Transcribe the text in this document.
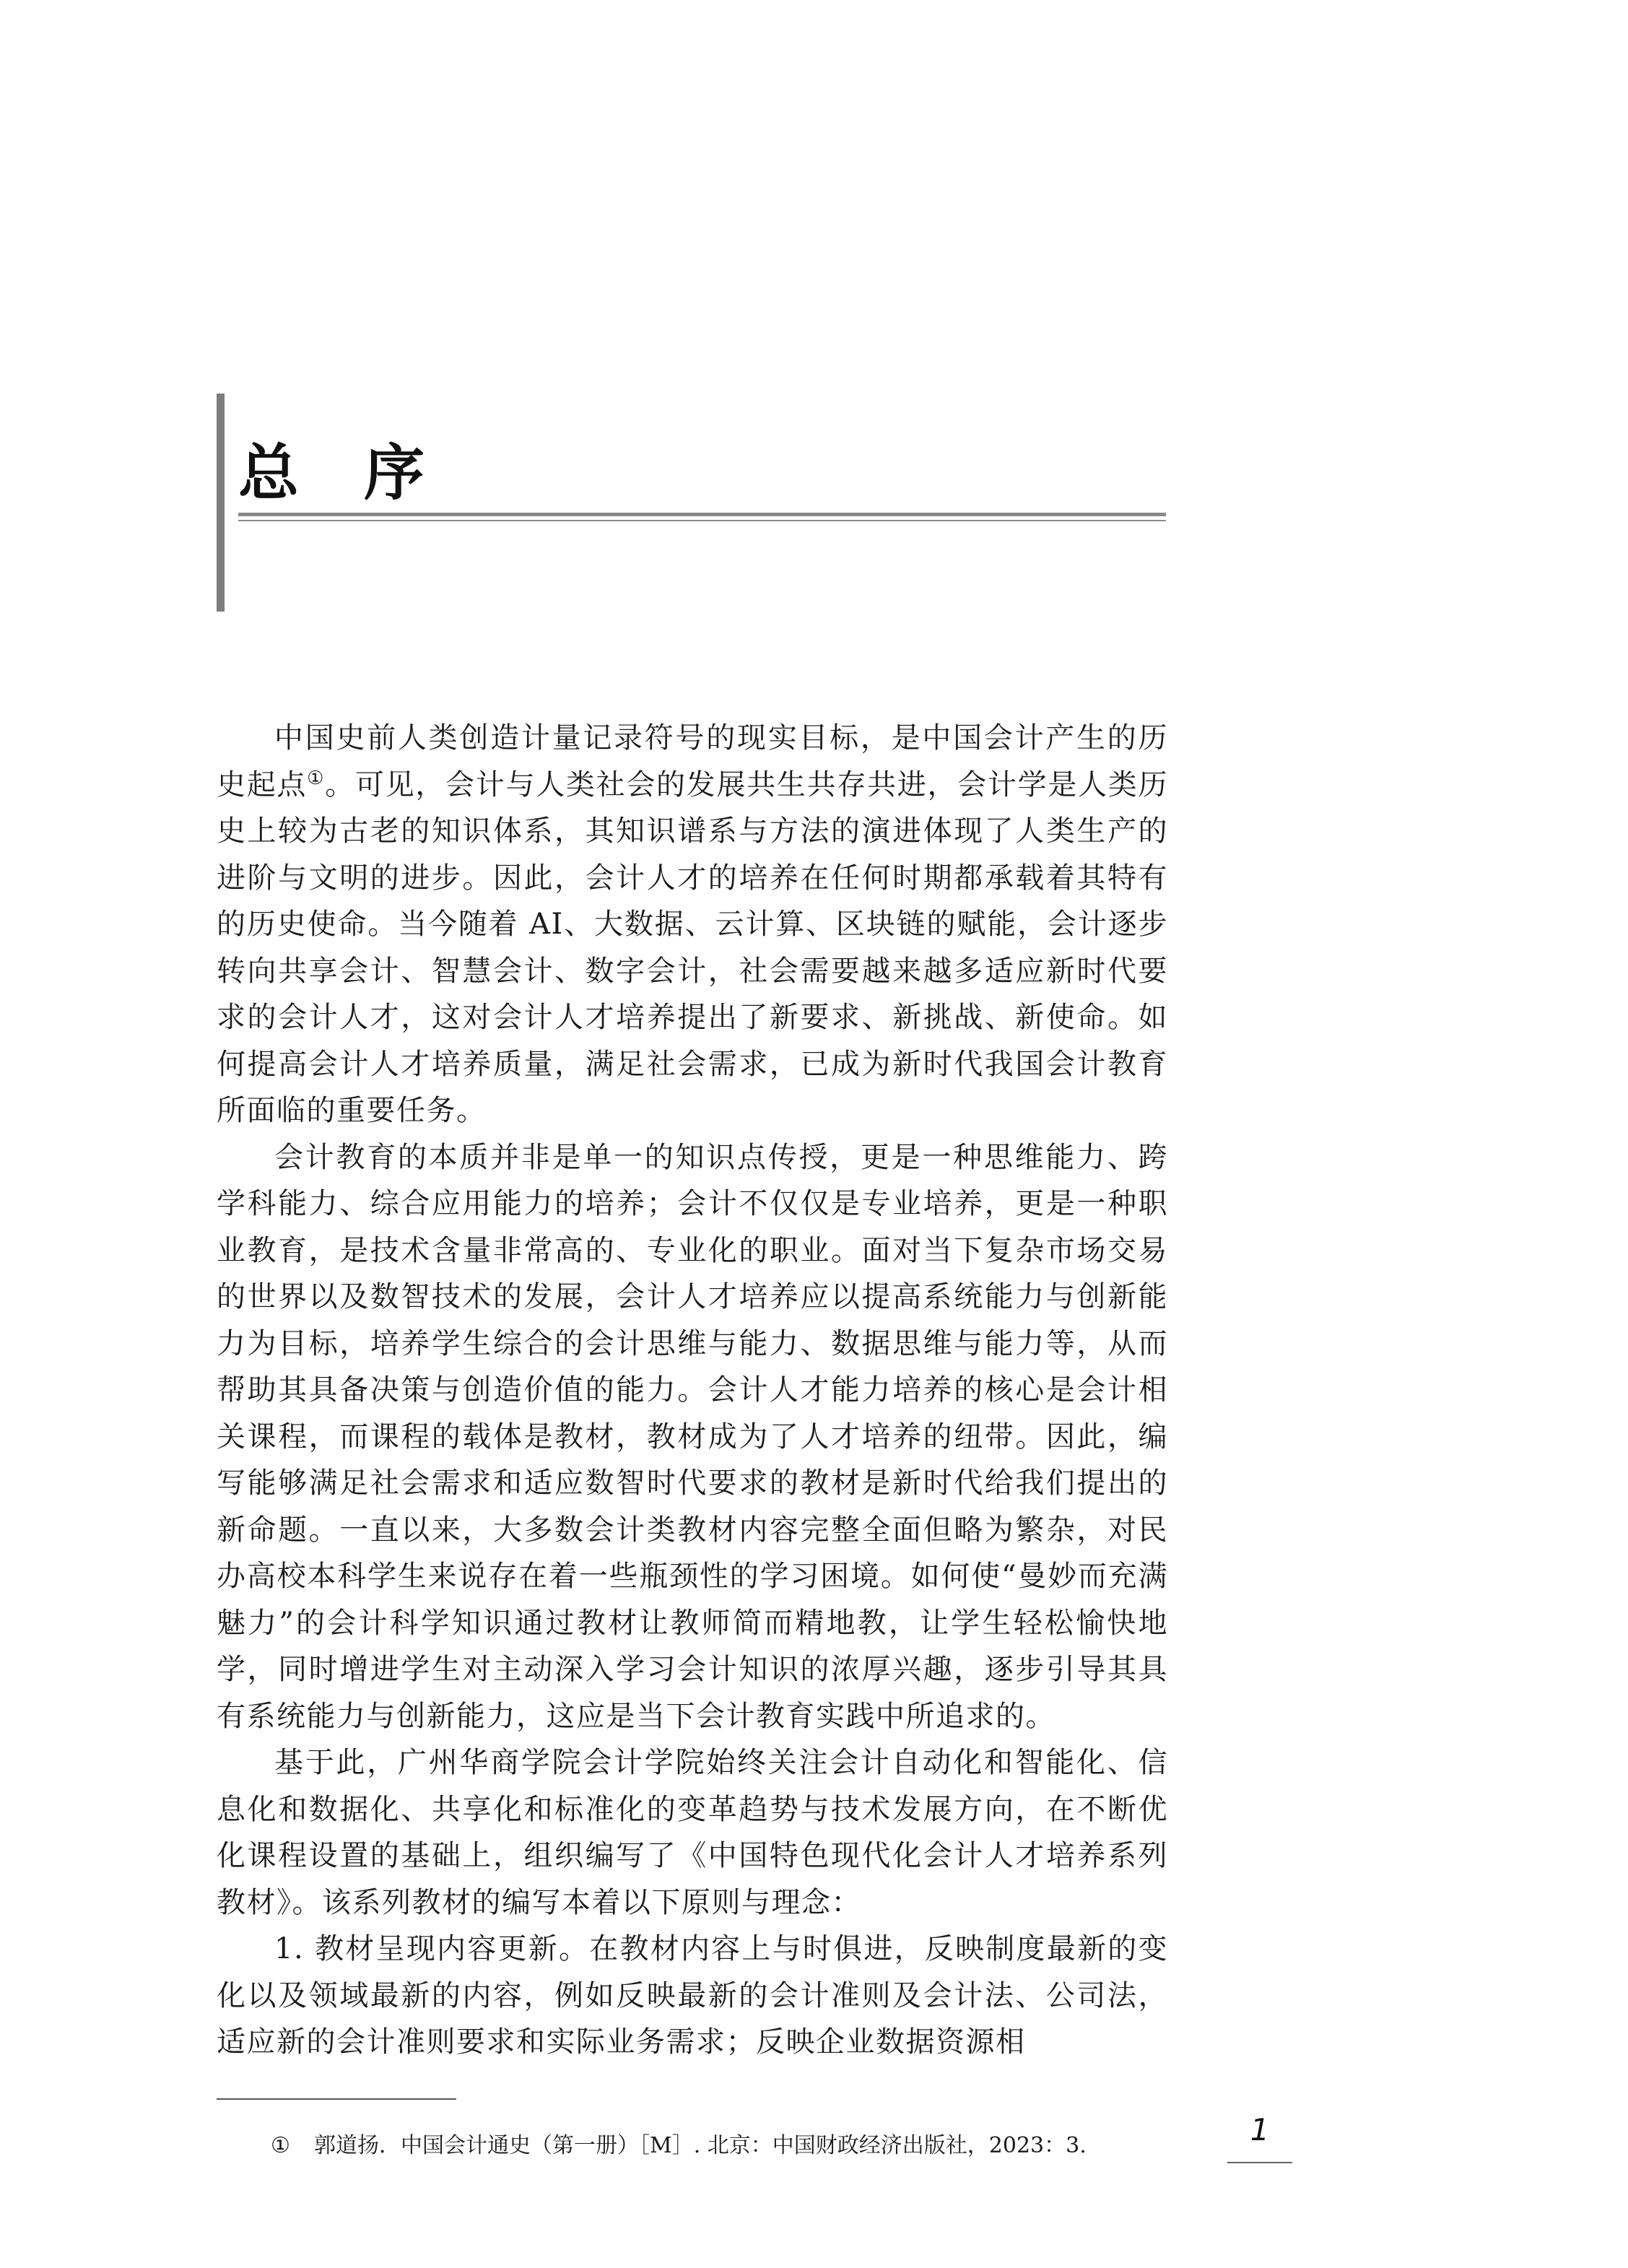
总序

中国史前人类创造计量记录符号的现实目标，是中国会计产生的历史起点①。可见，会计与人类社会的发展共生共存共进，会计学是人类历史上较为古老的知识体系，其知识谱系与方法的演进体现了人类生产的进阶与文明的进步。因此，会计人才的培养在任何时期都承载着其特有的历史使命。当今随着 AI、大数据、云计算、区块链的赋能，会计逐步转向共享会计、智慧会计、数字会计，社会需要越来越多适应新时代要求的会计人才，这对会计人才培养提出了新要求、新挑战、新使命。如何提高会计人才培养质量，满足社会需求，已成为新时代我国会计教育所面临的重要任务。

会计教育的本质并非是单一的知识点传授，更是一种思维能力、跨学科能力、综合应用能力的培养；会计不仅仅是专业培养，更是一种职业教育，是技术含量非常高的、专业化的职业。面对当下复杂市场交易的世界以及数智技术的发展，会计人才培养应以提高系统能力与创新能力为目标，培养学生综合的会计思维与能力、数据思维与能力等，从而帮助其具备决策与创造价值的能力。会计人才能力培养的核心是会计相关课程，而课程的载体是教材，教材成为了人才培养的纽带。因此，编写能够满足社会需求和适应数智时代要求的教材是新时代给我们提出的新命题。一直以来，大多数会计类教材内容完整全面但略为繁杂，对民办高校本科学生来说存在着一些瓶颈性的学习困境。如何使“曼妙而充满魅力”的会计科学知识通过教材让教师简而精地教，让学生轻松愉快地学，同时增进学生对主动深入学习会计知识的浓厚兴趣，逐步引导其具有系统能力与创新能力，这应是当下会计教育实践中所追求的。

基于此，广州华商学院会计学院始终关注会计自动化和智能化、信息化和数据化、共享化和标准化的变革趋势与技术发展方向，在不断优化课程设置的基础上，组织编写了《中国特色现代化会计人才培养系列教材》。该系列教材的编写本着以下原则与理念：

1. 教材呈现内容更新。在教材内容上与时俱进，反映制度最新的变化以及领域最新的内容，例如反映最新的会计准则及会计法、公司法，适应新的会计准则要求和实际业务需求；反映企业数据资源相

① 郭道扬．中国会计通史（第一册）［M］. 北京：中国财政经济出版社，2023：3.	1
